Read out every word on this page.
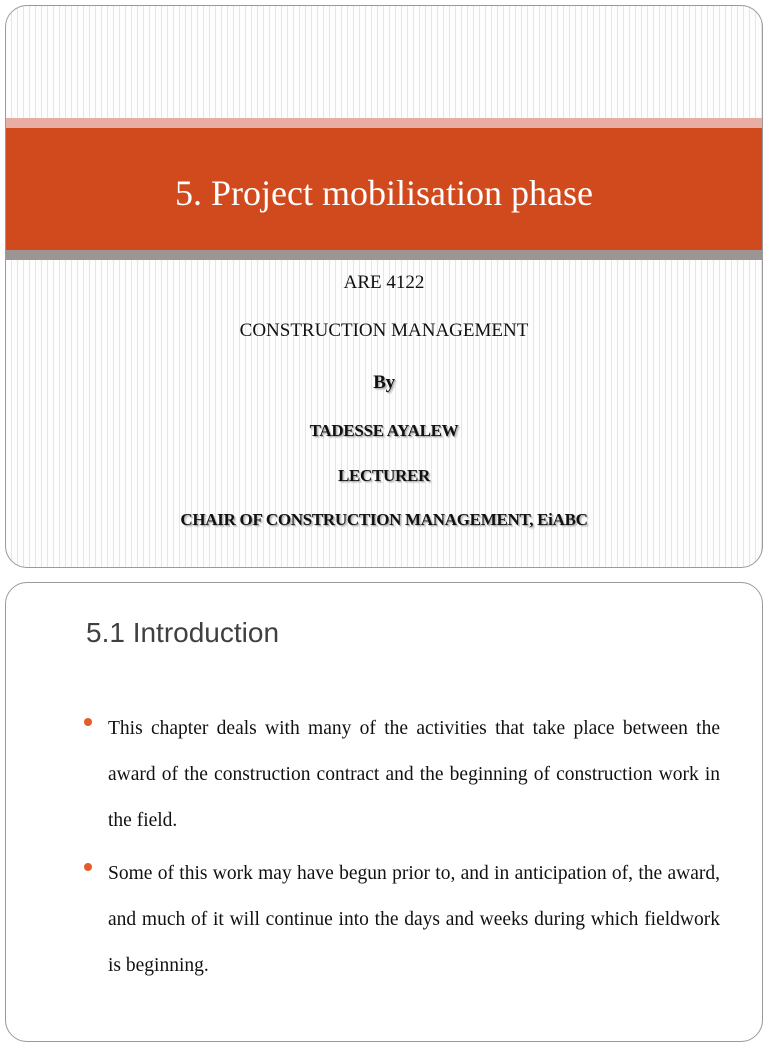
5. Project mobilisation phase
ARE 4122
CONSTRUCTION MANAGEMENT
By
TADESSE AYALEW
LECTURER
CHAIR OF CONSTRUCTION MANAGEMENT, EiABC
5.1 Introduction
This chapter deals with many of the activities that take place between the award of the construction contract and the beginning of construction work in the field.
Some of this work may have begun prior to, and in anticipation of, the award, and much of it will continue into the days and weeks during which fieldwork is beginning.
